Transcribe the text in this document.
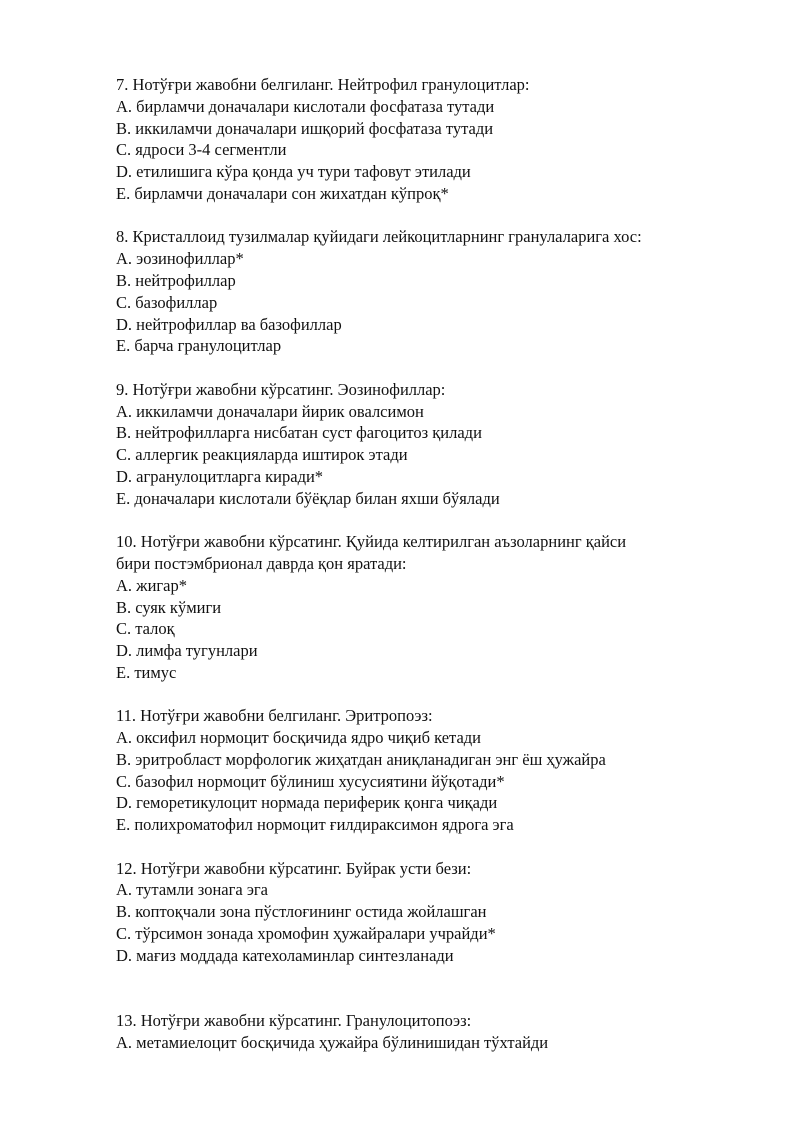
7. Нотўғри жавобни белгиланг. Нейтрофил гранулоцитлар:
A. бирламчи доначалари кислотали фосфатаза тутади
B. иккиламчи доначалари ишқорий фосфатаза тутади
C. ядроси 3-4 сегментли
D. етилишига кўра қонда уч тури тафовут этилади
E. бирламчи доначалари сон жихатдан кўпроқ*
8. Кристаллоид тузилмалар қуйидаги лейкоцитларнинг гранулаларига хос:
A. эозинофиллар*
B. нейтрофиллар
C. базофиллар
D. нейтрофиллар ва базофиллар
E. барча гранулоцитлар
9. Нотўғри жавобни кўрсатинг. Эозинофиллар:
A. иккиламчи доначалари йирик овалсимон
B. нейтрофилларга нисбатан суст фагоцитоз қилади
C. аллергик реакцияларда иштирок этади
D. агранулоцитларга киради*
E. доначалари кислотали бўёқлар билан яхши бўялади
10. Нотўғри жавобни кўрсатинг. Қуйида келтирилган аъзоларнинг қайси
бири постэмбрионал даврда қон яратади:
A. жигар*
B. суяк кўмиги
C. талоқ
D. лимфа тугунлари
E. тимус
11. Нотўғри жавобни белгиланг. Эритропоэз:
A. оксифил нормоцит босқичида ядро чиқиб кетади
B. эритробласт морфологик жиҳатдан аниқланадиган энг ёш ҳужайра
C. базофил нормоцит бўлиниш хусусиятини йўқотади*
D. геморетикулоцит нормада периферик қонга чиқади
E. полихроматофил нормоцит ғилдираксимон ядрога эга
12. Нотўғри жавобни кўрсатинг. Буйрак усти бези:
A. тутамли зонага эга
B. коптоқчали зона пўстлоғининг остида жойлашган
C. тўрсимон зонада хромофин ҳужайралари учрайди*
D. мағиз моддада катехоламинлар синтезланади
13. Нотўғри жавобни кўрсатинг. Гранулоцитопоэз:
A. метамиелоцит босқичида ҳужайра бўлинишидан тўхтайди
